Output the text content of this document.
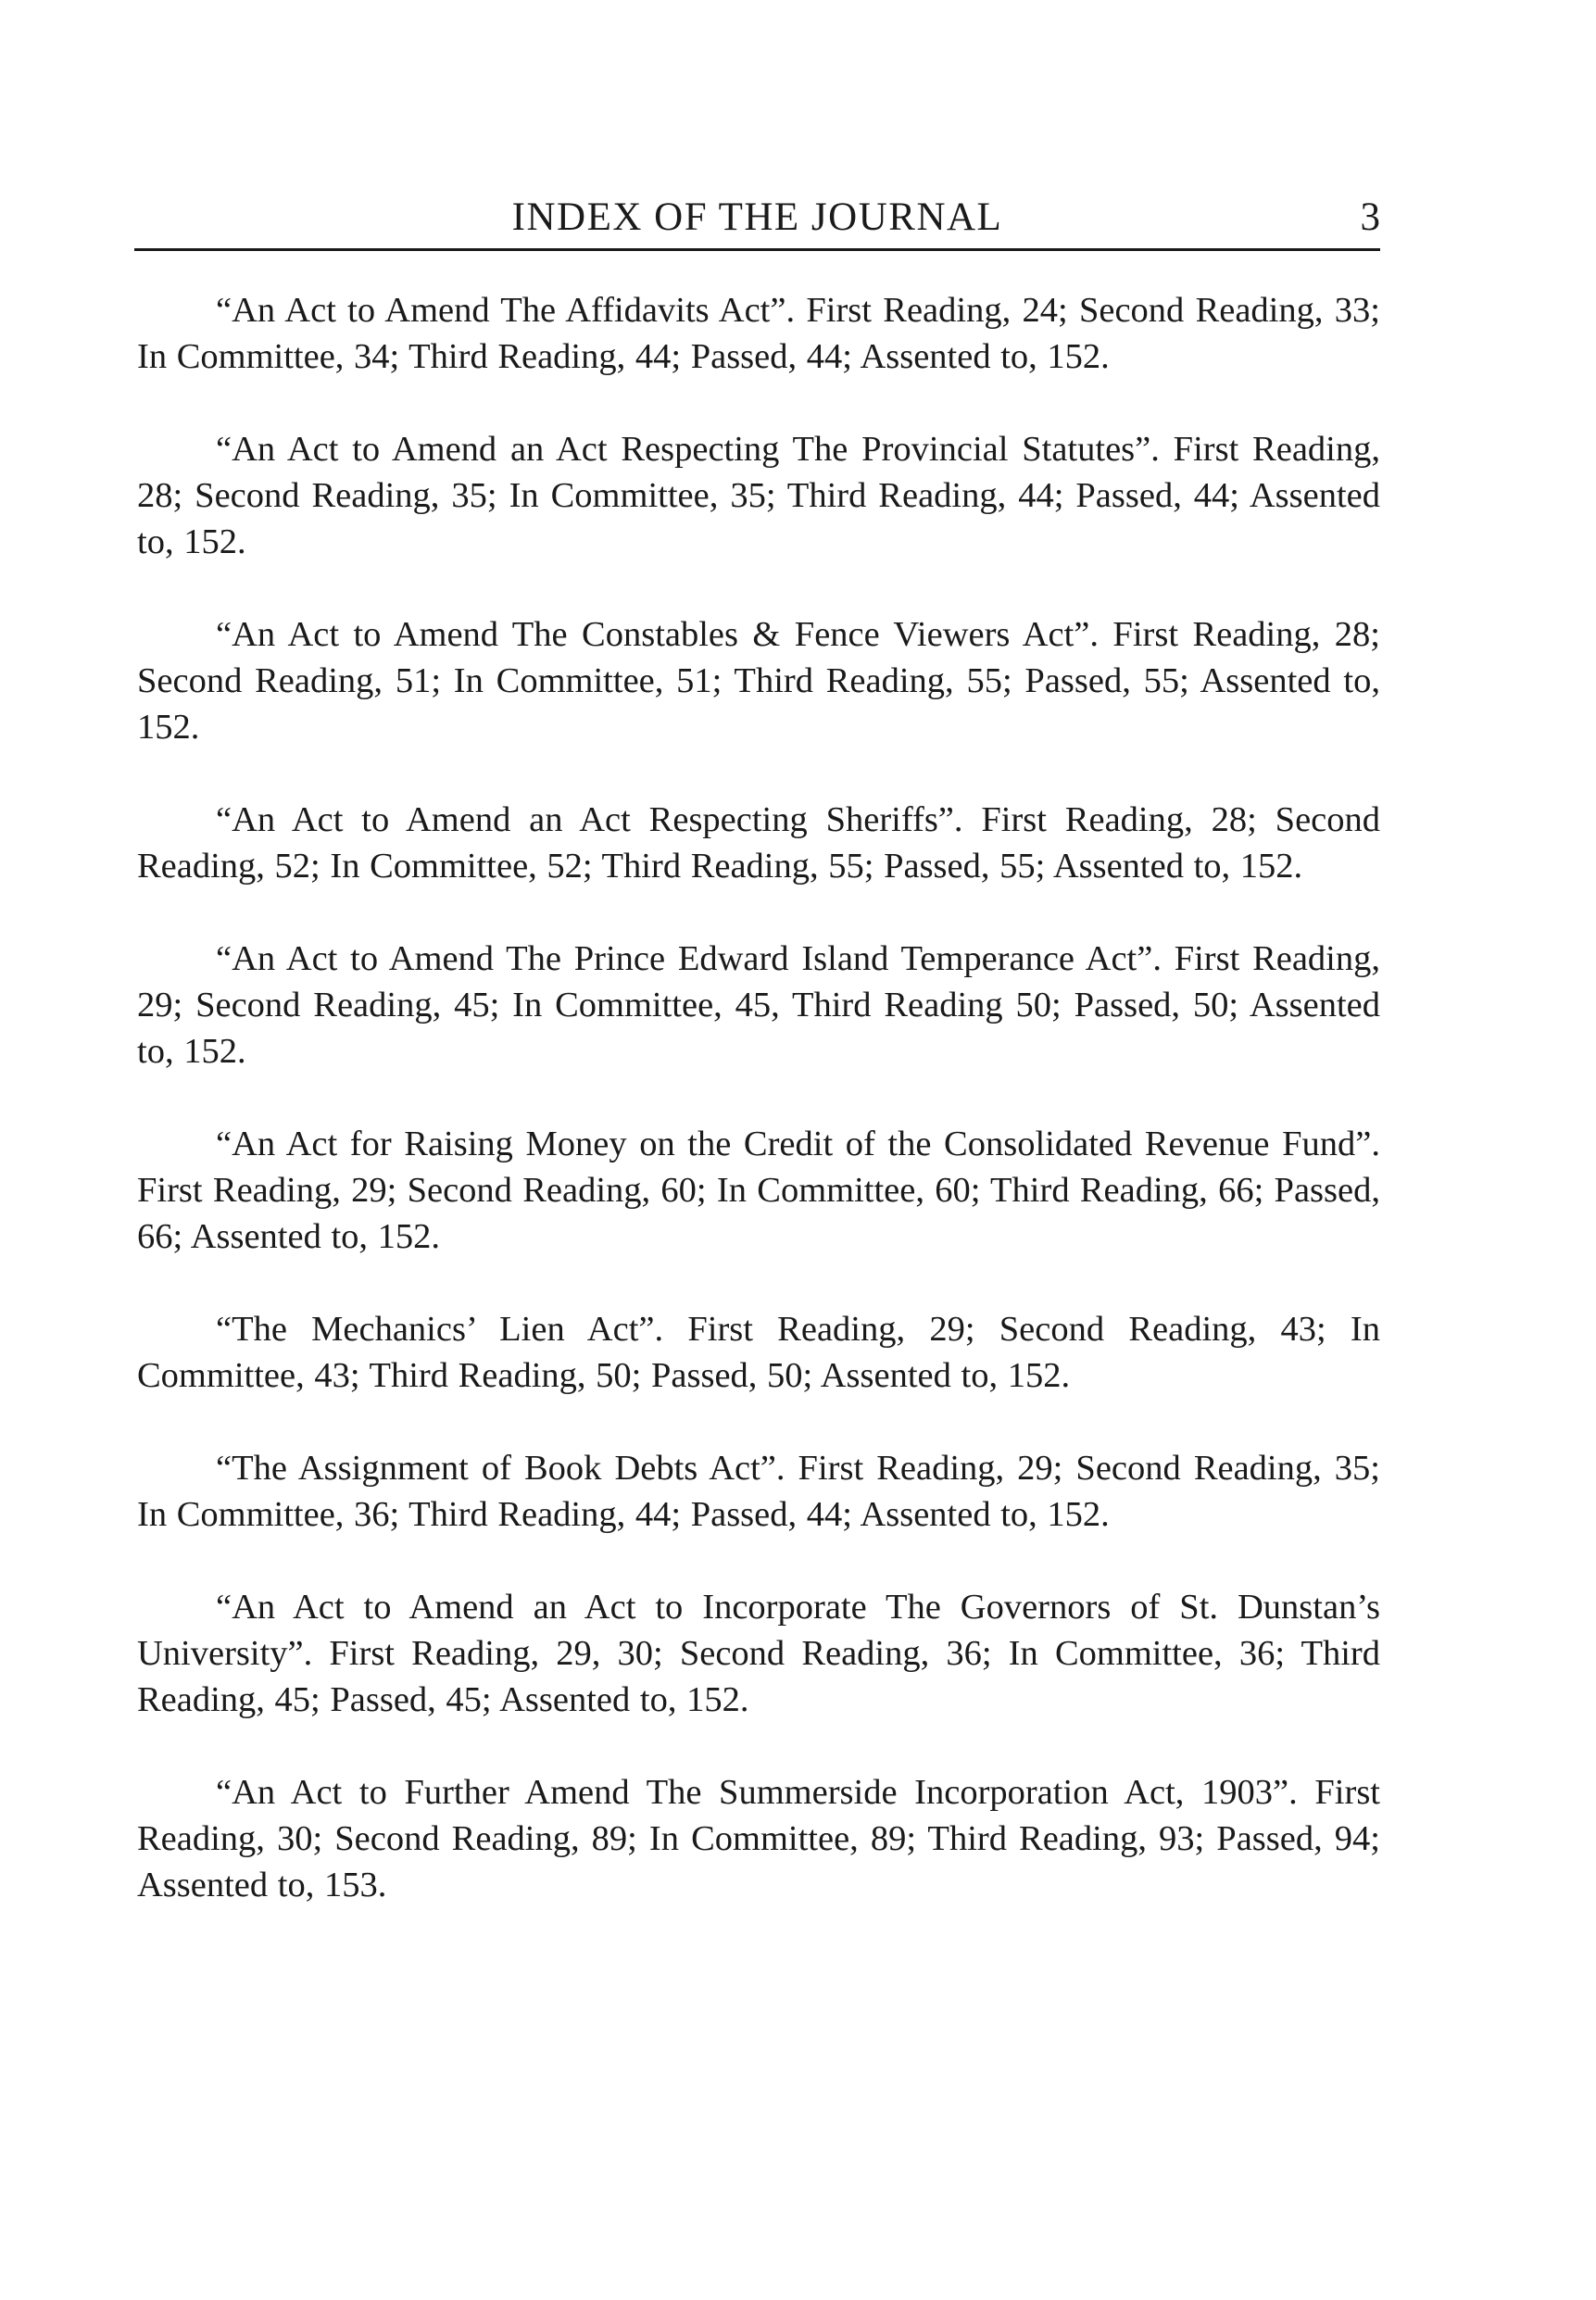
INDEX OF THE JOURNAL	3

“An Act to Amend The Affidavits Act”. First Reading, 24; Second Reading, 33; In Committee, 34; Third Reading, 44; Passed, 44; Assented to, 152.

“An Act to Amend an Act Respecting The Provincial Statutes”. First Reading, 28; Second Reading, 35; In Committee, 35; Third Reading, 44; Passed, 44; Assented to, 152.

“An Act to Amend The Constables & Fence Viewers Act”. First Reading, 28; Second Reading, 51; In Committee, 51; Third Reading, 55; Passed, 55; Assented to, 152.

“An Act to Amend an Act Respecting Sheriffs”. First Reading, 28; Second Reading, 52; In Committee, 52; Third Reading, 55; Passed, 55; Assented to, 152.

“An Act to Amend The Prince Edward Island Temperance Act”. First Reading, 29; Second Reading, 45; In Committee, 45, Third Reading 50; Passed, 50; Assented to, 152.

“An Act for Raising Money on the Credit of the Consolidated Revenue Fund”. First Reading, 29; Second Reading, 60; In Committee, 60; Third Reading, 66; Passed, 66; Assented to, 152.

“The Mechanics’ Lien Act”. First Reading, 29; Second Reading, 43; In Committee, 43; Third Reading, 50; Passed, 50; Assented to, 152.

“The Assignment of Book Debts Act”. First Reading, 29; Second Reading, 35; In Committee, 36; Third Reading, 44; Passed, 44; Assented to, 152.

“An Act to Amend an Act to Incorporate The Governors of St. Dunstan’s University”. First Reading, 29, 30; Second Reading, 36; In Committee, 36; Third Reading, 45; Passed, 45; Assented to, 152.

“An Act to Further Amend The Summerside Incorporation Act, 1903”. First Reading, 30; Second Reading, 89; In Committee, 89; Third Reading, 93; Passed, 94; Assented to, 153.
